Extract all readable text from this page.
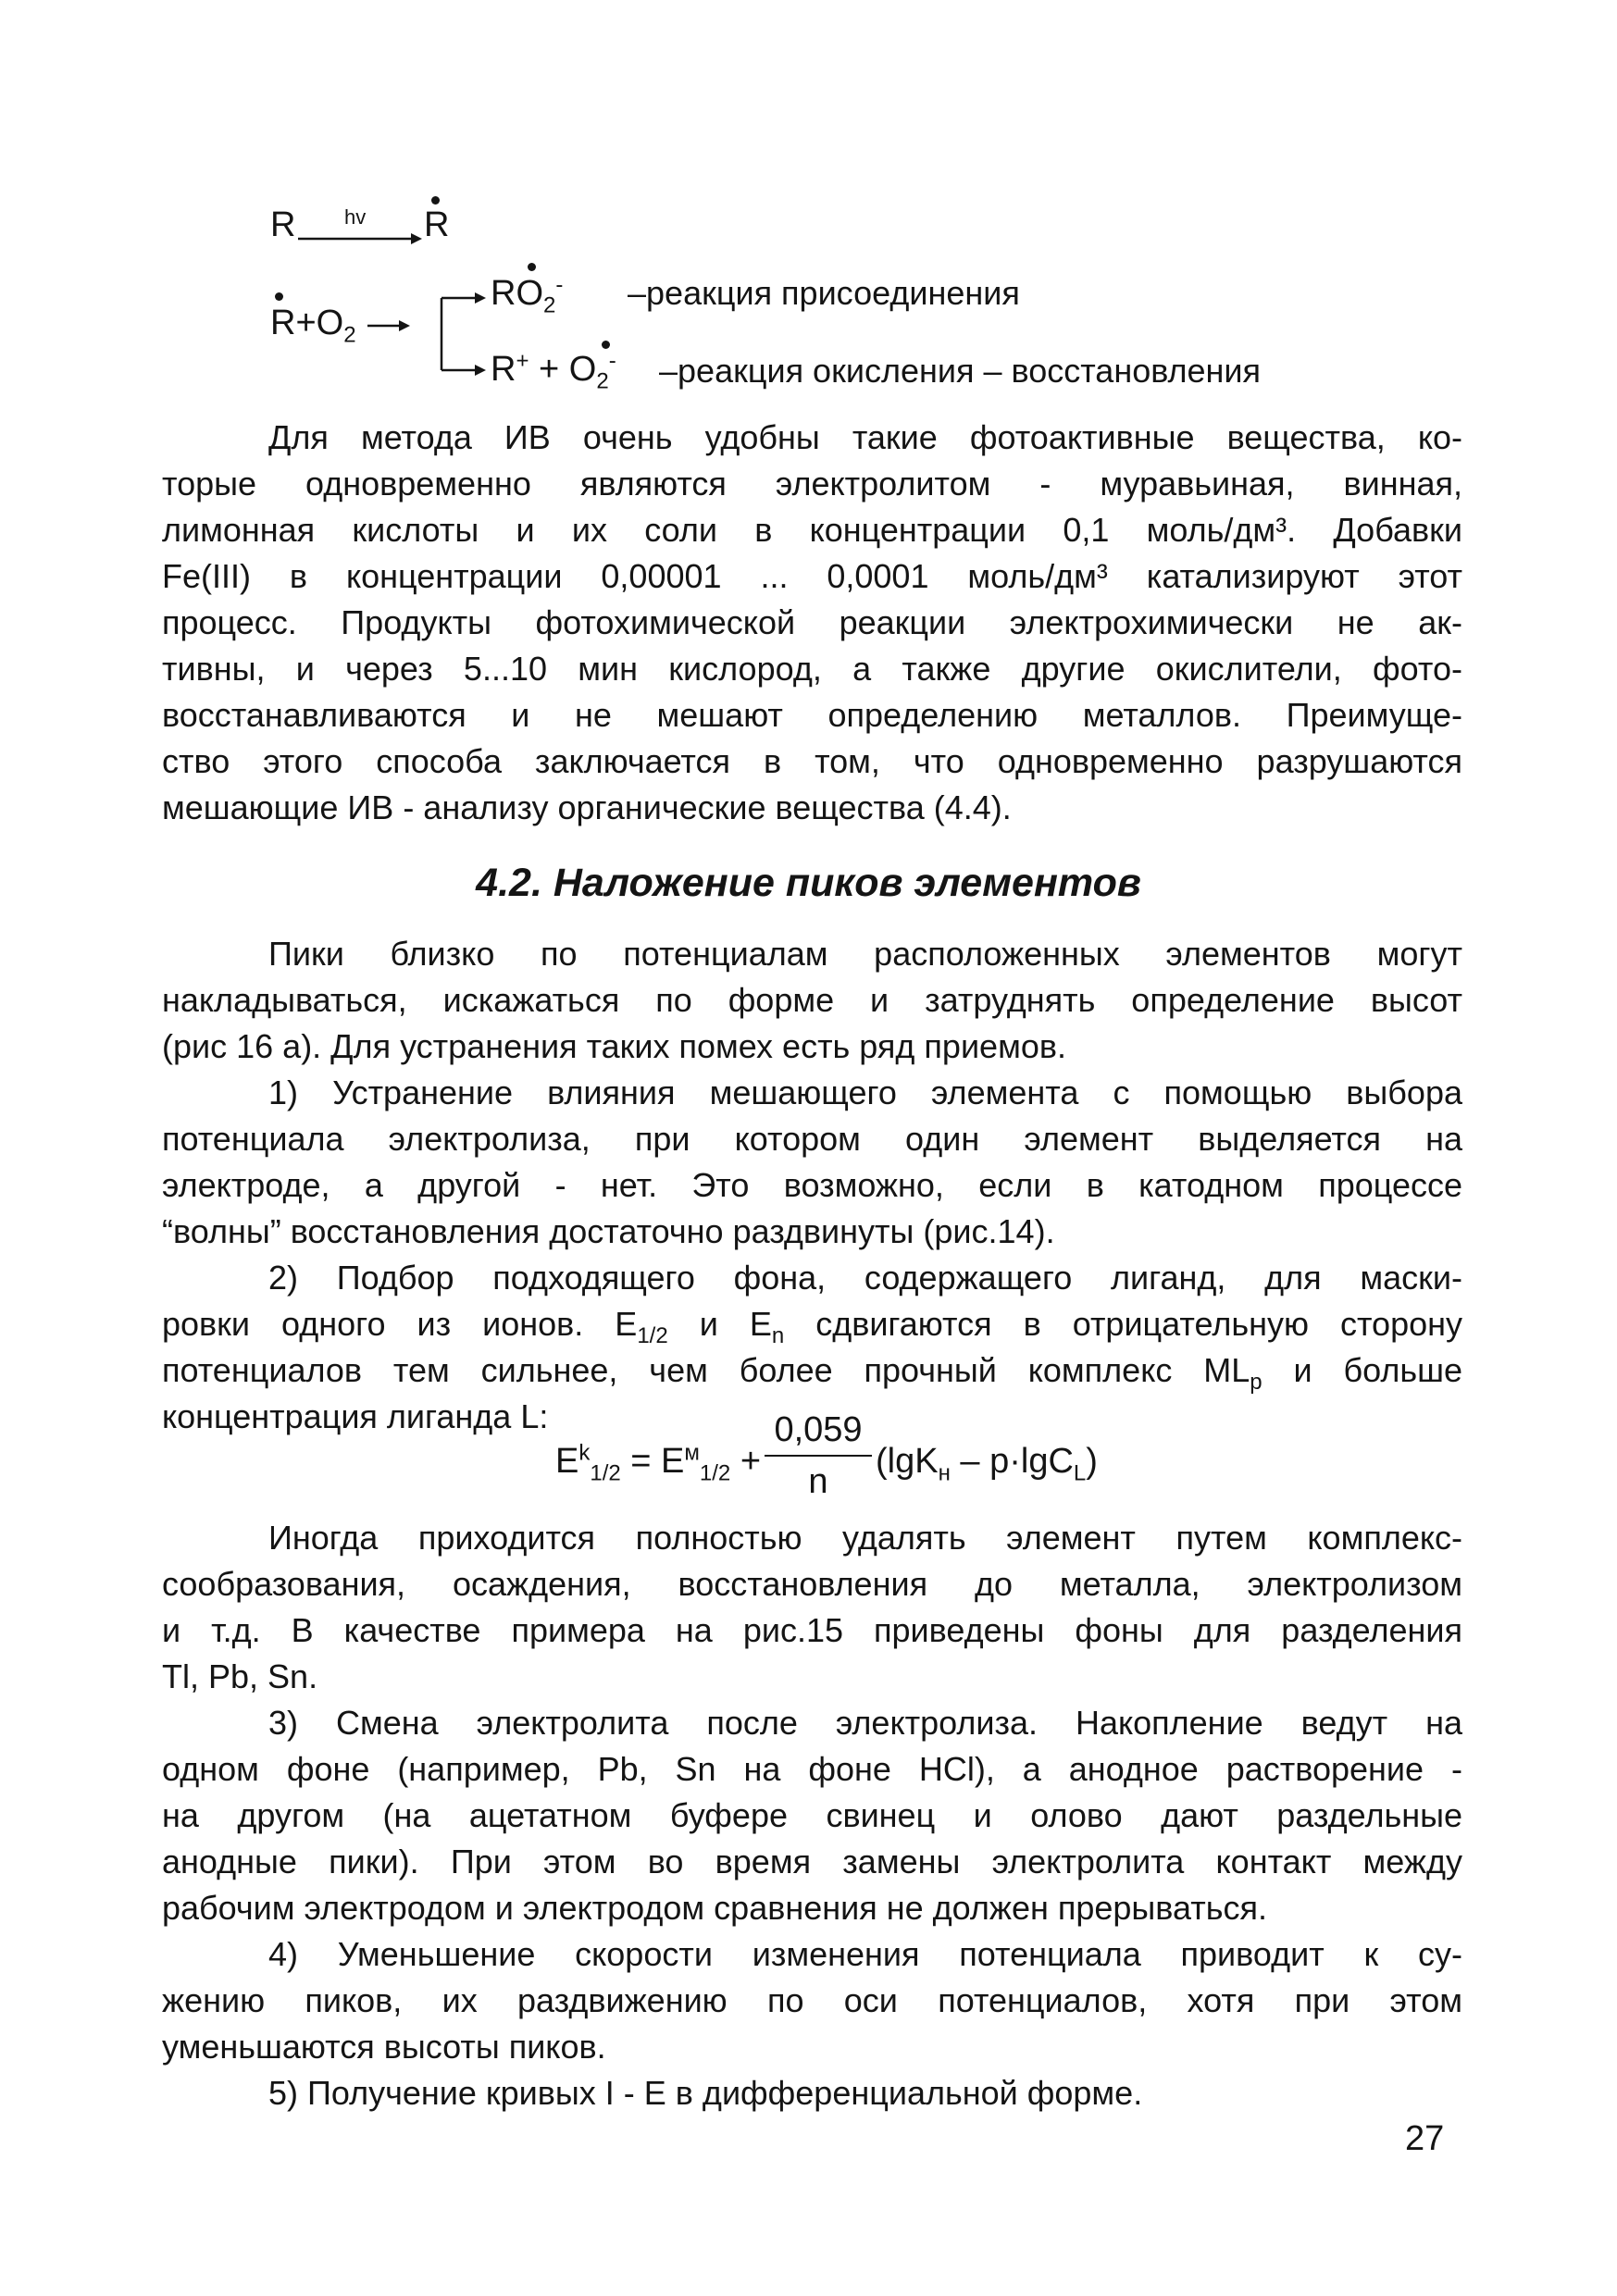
R hv R
$R+O_2$
$RO_2^-$ –реакция присоединения
$R^+ + O_2^-$ –реакция окисления – восстановления
Для метода ИВ очень удобны такие фотоактивные вещества, ко-
торые одновременно являются электролитом - муравьиная, винная,
лимонная кислоты и их соли в концентрации 0,1 моль/дм³. Добавки
Fe(III) в концентрации 0,00001 ... 0,0001 моль/дм³ катализируют этот
процесс. Продукты фотохимической реакции электрохимически не ак-
тивны, и через 5...10 мин кислород, а также другие окислители, фото-
восстанавливаются и не мешают определению металлов. Преимуще-
ство этого способа заключается в том, что одновременно разрушаются
мешающие ИВ - анализу органические вещества (4.4).
4.2. Наложение пиков элементов
Пики близко по потенциалам расположенных элементов могут
накладываться, искажаться по форме и затруднять определение высот
(рис 16 а). Для устранения таких помех есть ряд приемов.
1) Устранение влияния мешающего элемента с помощью выбора
потенциала электролиза, при котором один элемент выделяется на
электроде, а другой - нет. Это возможно, если в катодном процессе
“волны” восстановления достаточно раздвинуты (рис.14).
2) Подбор подходящего фона, содержащего лиганд, для маски-
ровки одного из ионов. $E_{1/2}$ и $E_n$ сдвигаются в отрицательную сторону
потенциалов тем сильнее, чем более прочный комплекс $ML_p$ и больше
концентрация лиганда L:
$E^k_{1/2} = E^м_{1/2}$ +
0,059
n
(lgK$_н$ – p·lgC$_L$)
Иногда приходится полностью удалять элемент путем комплекс-
сообразования, осаждения, восстановления до металла, электролизом
и т.д. В качестве примера на рис.15 приведены фоны для разделения
Tl, Pb, Sn.
3) Смена электролита после электролиза. Накопление ведут на
одном фоне (например, Pb, Sn на фоне HCl), а анодное растворение -
на другом (на ацетатном буфере свинец и олово дают раздельные
анодные пики). При этом во время замены электролита контакт между
рабочим электродом и электродом сравнения не должен прерываться.
4) Уменьшение скорости изменения потенциала приводит к су-
жению пиков, их раздвижению по оси потенциалов, хотя при этом
уменьшаются высоты пиков.
5) Получение кривых I - E в дифференциальной форме.
27
